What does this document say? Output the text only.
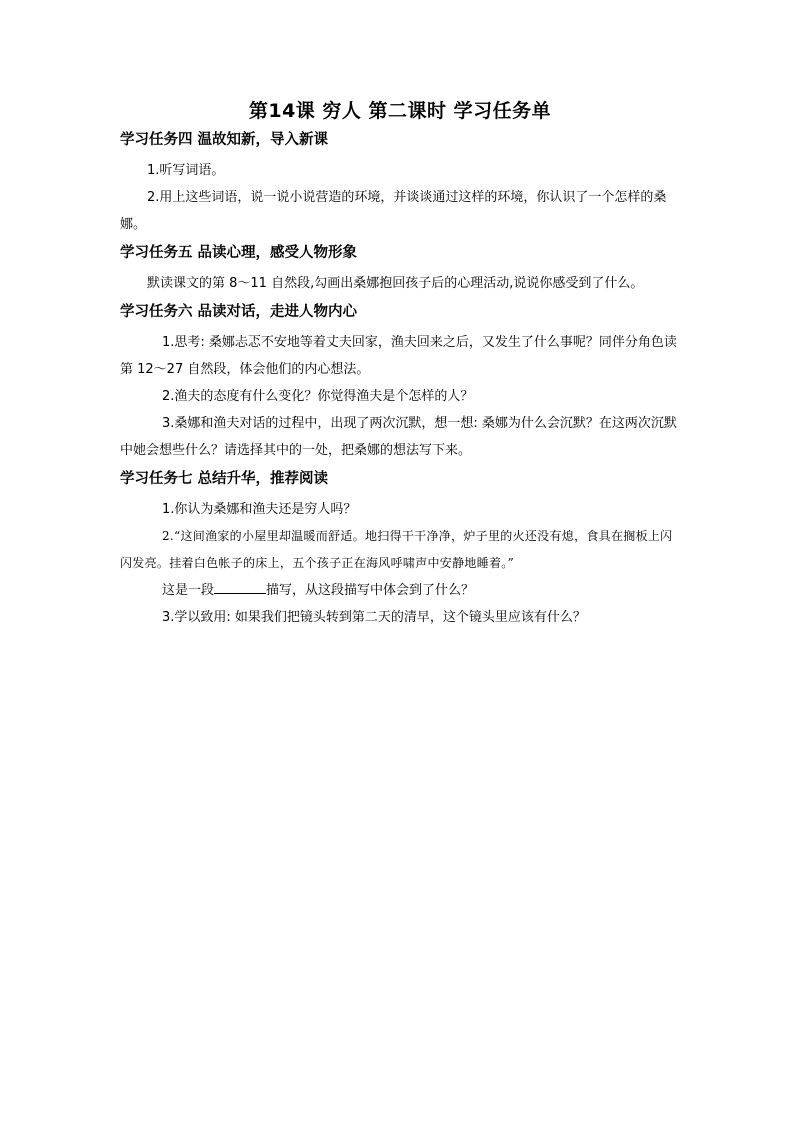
第14课 穷人 第二课时 学习任务单
学习任务四 温故知新，导入新课

1.听写词语。

2.用上这些词语，说一说小说营造的环境，并谈谈通过这样的环境，你认识了一个怎样的桑娜。

学习任务五 品读心理，感受人物形象

默读课文的第 8～11 自然段,勾画出桑娜抱回孩子后的心理活动,说说你感受到了什么。

学习任务六 品读对话，走进人物内心

1.思考: 桑娜忐忑不安地等着丈夫回家，渔夫回来之后，又发生了什么事呢？同伴分角色读第 12～27 自然段，体会他们的内心想法。

2.渔夫的态度有什么变化？你觉得渔夫是个怎样的人？

3.桑娜和渔夫对话的过程中，出现了两次沉默，想一想: 桑娜为什么会沉默？在这两次沉默中她会想些什么？请选择其中的一处，把桑娜的想法写下来。

学习任务七 总结升华，推荐阅读

1.你认为桑娜和渔夫还是穷人吗？

2.“这间渔家的小屋里却温暖而舒适。地扫得干干净净，炉子里的火还没有熄，食具在搁板上闪闪发亮。挂着白色帐子的床上，五个孩子正在海风呼啸声中安静地睡着。”

这是一段	描写，从这段描写中体会到了什么？

3.学以致用: 如果我们把镜头转到第二天的清早，这个镜头里应该有什么？
